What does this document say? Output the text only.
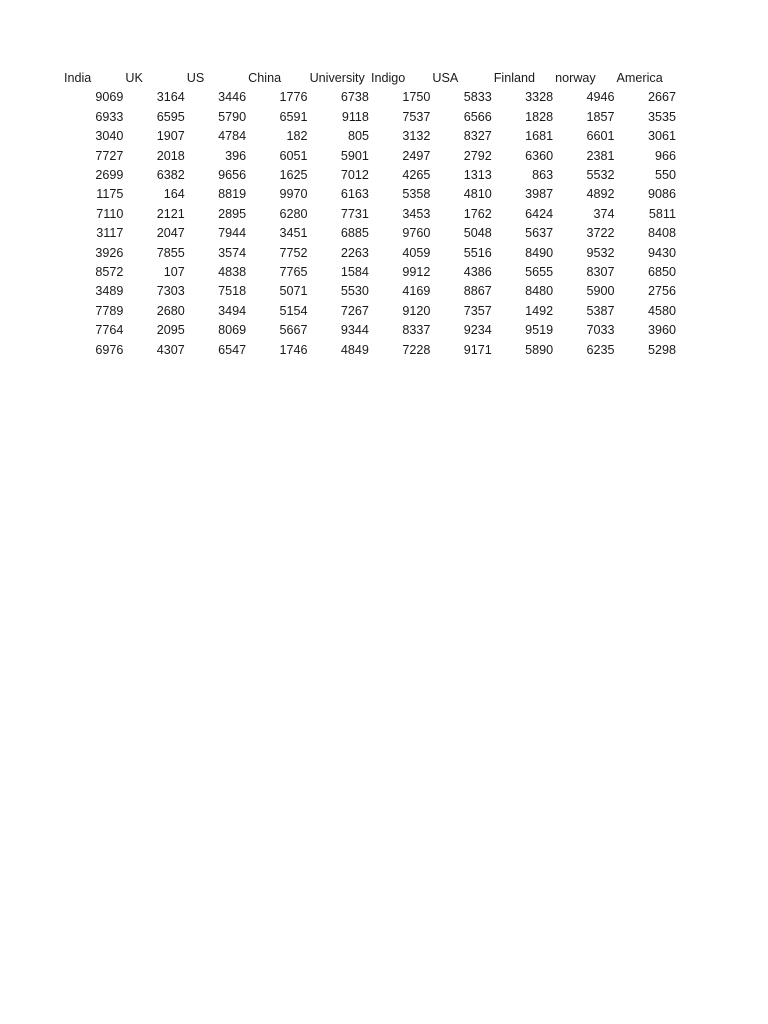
India	UK	US	China	University	Indigo	USA	Finland	norway	America
9069	3164	3446	1776	6738	1750	5833	3328	4946	2667
6933	6595	5790	6591	9118	7537	6566	1828	1857	3535
3040	1907	4784	182	805	3132	8327	1681	6601	3061
7727	2018	396	6051	5901	2497	2792	6360	2381	966
2699	6382	9656	1625	7012	4265	1313	863	5532	550
1175	164	8819	9970	6163	5358	4810	3987	4892	9086
7110	2121	2895	6280	7731	3453	1762	6424	374	5811
3117	2047	7944	3451	6885	9760	5048	5637	3722	8408
3926	7855	3574	7752	2263	4059	5516	8490	9532	9430
8572	107	4838	7765	1584	9912	4386	5655	8307	6850
3489	7303	7518	5071	5530	4169	8867	8480	5900	2756
7789	2680	3494	5154	7267	9120	7357	1492	5387	4580
7764	2095	8069	5667	9344	8337	9234	9519	7033	3960
6976	4307	6547	1746	4849	7228	9171	5890	6235	5298
